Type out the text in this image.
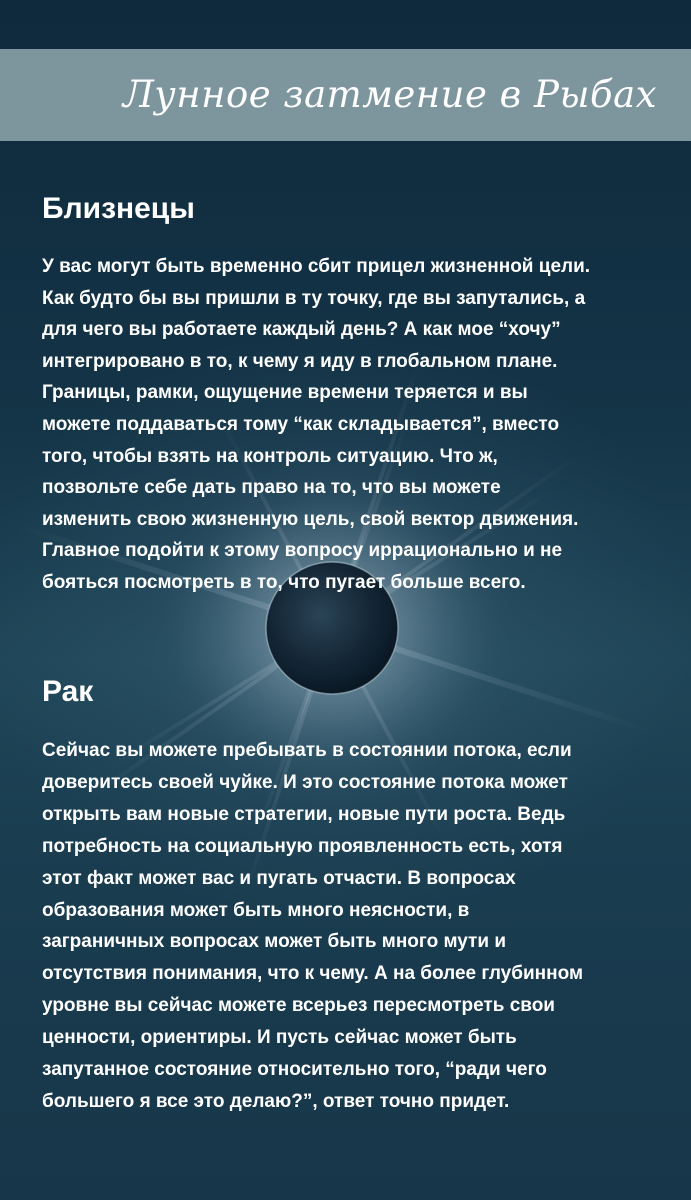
Лунное затмение в Рыбах
Близнецы

У вас могут быть временно сбит прицел жизненной цели.
Как будто бы вы пришли в ту точку, где вы запутались, а
для чего вы работаете каждый день? А как мое “хочу”
интегрировано в то, к чему я иду в глобальном плане.
Границы, рамки, ощущение времени теряется и вы
можете поддаваться тому “как складывается”, вместо
того, чтобы взять на контроль ситуацию. Что ж,
позвольте себе дать право на то, что вы можете
изменить свою жизненную цель, свой вектор движения.
Главное подойти к этому вопросу иррационально и не
бояться посмотреть в то, что пугает больше всего.

Рак

Сейчас вы можете пребывать в состоянии потока, если
доверитесь своей чуйке. И это состояние потока может
открыть вам новые стратегии, новые пути роста. Ведь
потребность на социальную проявленность есть, хотя
этот факт может вас и пугать отчасти. В вопросах
образования может быть много неясности, в
заграничных вопросах может быть много мути и
отсутствия понимания, что к чему. А на более глубинном
уровне вы сейчас можете всерьез пересмотреть свои
ценности, ориентиры. И пусть сейчас может быть
запутанное состояние относительно того, “ради чего
большего я все это делаю?”, ответ точно придет.
